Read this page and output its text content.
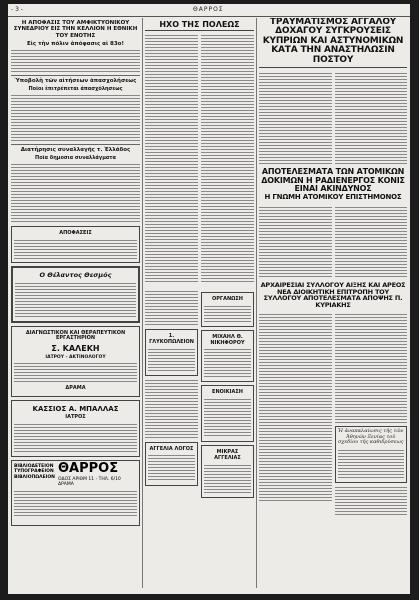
- 3 -	ΘΑΡΡΟΣ
Η ΑΠΟΦΑΣΙΣ ΤΟΥ ΑΜΦΙΚΤΥΟΝΙΚΟΥ ΣΥΝΕΔΡΙΟΥ ΕΙΣ ΤΗΝ ΚΕΛΛΙΟΝ Η ΕΘΝΙΚΗ ΤΟΥ ΕΝΟΤΗΣ
Εἰς τὴν πόλιν ἀπόφασις αἱ 83ο!
Ὑποβολὴ τῶν αἰτήσεων ἀπασχολήσεως
Ποῖοι ἐπιτρέπεται ἀπασχόλησεως
Διατήρησις συναλλαγῆς τ. Ἑλλάδος
Ποῖα δημοσια συναλλάγματα
ΑΠΟΦΑΣΕΙΣ
Ο Θέλαντος Θεσμός
ΔΙΑΓΝΩΣΤΙΚΟΝ ΚΑΙ ΘΕΡΑΠΕΥΤΙΚΟΝ ΕΡΓΑΣΤΗΡΙΟΝ
Σ. ΚΑΛΕΚΗ
ΙΑΤΡΟΥ - ΑΚΤΙΝΟΛΟΓΟΥ
ΔΡΑΜΑ
ΚΑΣΣΙΟΣ Α. ΜΠΑΛΛΑΣ
ΙΑΤΡΟΣ
ΒΙΒΛΙΟΔΕΤΕΙΟΝ ΤΥΠΟΓΡΑΦΕΙΟΝ ΒΙΒΛΙΟΠΩΛΕΙΟΝ
ΘΑΡΡΟΣ
ΟΔΟΣ ΑΡΙΘΜ 11 - ΤΗΛ. 6/10 ΔΡΑΜΑ
ΗΧΟ ΤΗΣ ΠΟΛΕΩΣ
1. ΓΛΥΚΟΠΩΛΕΙΟΝ
ΑΓΓΕΛΙΑ ΛΟΓΟΣ
ΟΡΓΑΝΩΣΗ
ΜΙΧΑΗΛ Θ. ΝΙΚΗΦΟΡΟΥ
ΕΝΟΙΚΙΑΣΗ
ΜΙΚΡΑΣ ΑΓΓΕΛΙΑΣ
ΤΡΑΥΜΑΤΙΣΜΟΣ ΑΓΓΑΛΟΥ ΔΟΧΑΓΟΥ ΣΥΓΚΡΟΥΣΕΙΣ ΚΥΠΡΙΩΝ ΚΑΙ ΑΣΤΥΝΟΜΙΚΩΝ ΚΑΤΑ ΤΗΝ ΑΝΑΣΤΗΛΩΣΙΝ ΠΟΣΤΟΥ
ΑΠΟΤΕΛΕΣΜΑΤΑ ΤΩΝ ΑΤΟΜΙΚΩΝ ΔΟΚΙΜΩΝ Η ΡΑΔΙΕΝΕΡΓΟΣ ΚΟΝΙΣ ΕΙΝΑΙ ΑΚΙΝΔΥΝΟΣ
Η ΓΝΩΜΗ ΑΤΟΜΙΚΟΥ ΕΠΙΣΤΗΜΟΝΟΣ
ΑΡΧΑΙΡΕΣΙΑΙ ΣΥΛΛΟΓΟΥ ΑΙΞΗΣ ΚΑΙ ΑΡΕΟΣ ΝΕΑ ΔΙΟΙΚΗΤΙΚΗ ΕΠΙΤΡΟΠΗ ΤΟΥ ΣΥΛΛΟΓΟΥ ΑΠΟΤΕΛΕΣΜΑΤΑ ΑΠΟΨΗΣ Π. ΚΥΡΙΑΚΗΣ
Ἡ ἀναπαλαίωσις τῆς τῶν Ἀθηνῶν Ξενίας τοῦ σχεδίου τῆς καθιδρύσεως
